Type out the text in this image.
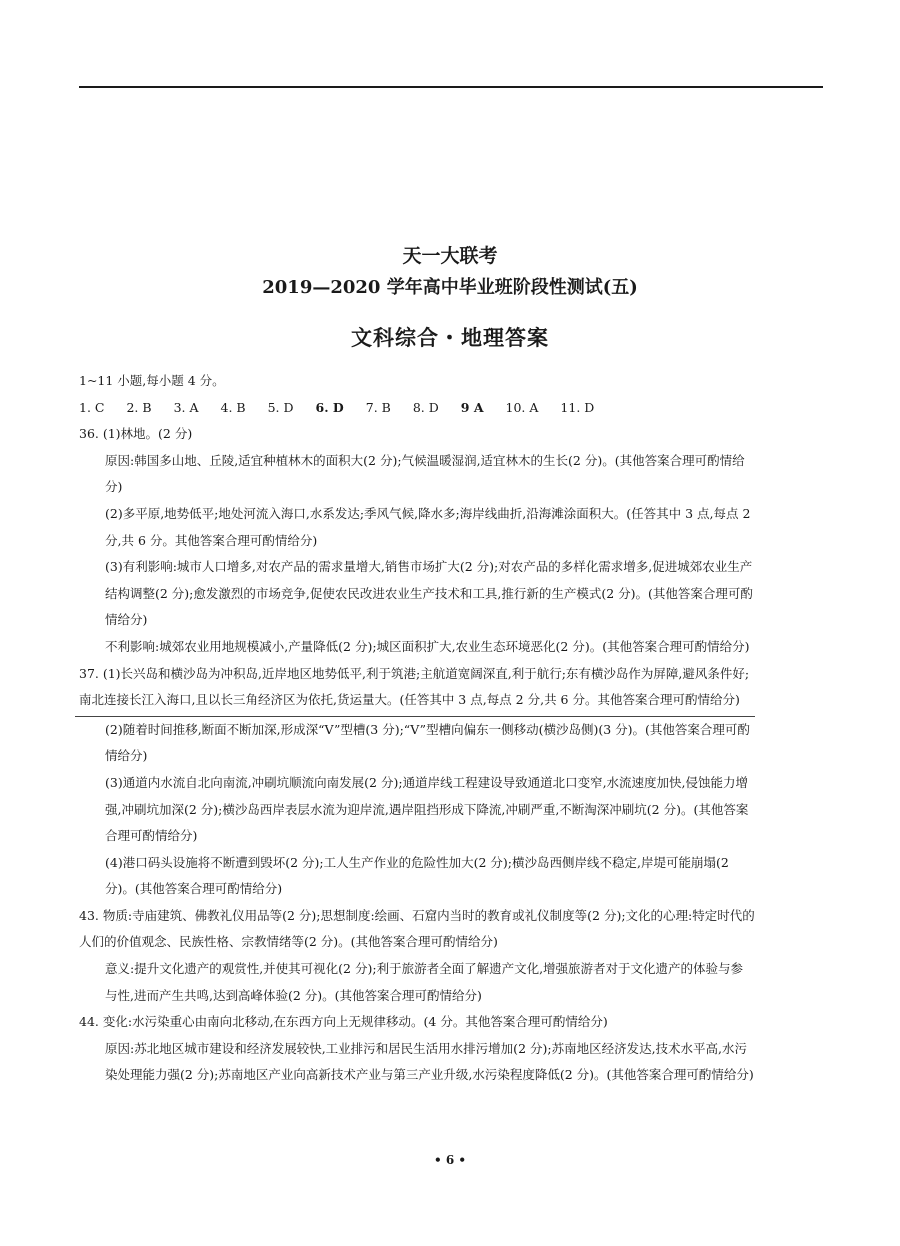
天一大联考
2019—2020 学年高中毕业班阶段性测试(五)
文科综合・地理答案

1~11 小题,每小题 4 分。

1. C 2. B 3. A 4. B 5. D 6. D 7. B 8. D 9 A 10. A 11. D

36. (1)林地。(2 分)

原因:韩国多山地、丘陵,适宜种植林木的面积大(2 分);气候温暖湿润,适宜林木的生长(2 分)。(其他答案合理可酌情给分)

(2)多平原,地势低平;地处河流入海口,水系发达;季风气候,降水多;海岸线曲折,沿海滩涂面积大。(任答其中 3 点,每点 2 分,共 6 分。其他答案合理可酌情给分)

(3)有利影响:城市人口增多,对农产品的需求量增大,销售市场扩大(2 分);对农产品的多样化需求增多,促进城郊农业生产结构调整(2 分);愈发激烈的市场竞争,促使农民改进农业生产技术和工具,推行新的生产模式(2 分)。(其他答案合理可酌情给分)

不利影响:城郊农业用地规模减小,产量降低(2 分);城区面积扩大,农业生态环境恶化(2 分)。(其他答案合理可酌情给分)

37. (1)长兴岛和横沙岛为冲积岛,近岸地区地势低平,利于筑港;主航道宽阔深直,利于航行;东有横沙岛作为屏障,避风条件好;南北连接长江入海口,且以长三角经济区为依托,货运量大。(任答其中 3 点,每点 2 分,共 6 分。其他答案合理可酌情给分)

(2)随着时间推移,断面不断加深,形成深“V”型槽(3 分);“V”型槽向偏东一侧移动(横沙岛侧)(3 分)。(其他答案合理可酌情给分)

(3)通道内水流自北向南流,冲刷坑顺流向南发展(2 分);通道岸线工程建设导致通道北口变窄,水流速度加快,侵蚀能力增强,冲刷坑加深(2 分);横沙岛西岸表层水流为迎岸流,遇岸阻挡形成下降流,冲刷严重,不断淘深冲刷坑(2 分)。(其他答案合理可酌情给分)

(4)港口码头设施将不断遭到毁坏(2 分);工人生产作业的危险性加大(2 分);横沙岛西侧岸线不稳定,岸堤可能崩塌(2 分)。(其他答案合理可酌情给分)

43. 物质:寺庙建筑、佛教礼仪用品等(2 分);思想制度:绘画、石窟内当时的教育或礼仪制度等(2 分);文化的心理:特定时代的人们的价值观念、民族性格、宗教情绪等(2 分)。(其他答案合理可酌情给分)

意义:提升文化遗产的观赏性,并使其可视化(2 分);利于旅游者全面了解遗产文化,增强旅游者对于文化遗产的体验与参与性,进而产生共鸣,达到高峰体验(2 分)。(其他答案合理可酌情给分)

44. 变化:水污染重心由南向北移动,在东西方向上无规律移动。(4 分。其他答案合理可酌情给分)

原因:苏北地区城市建设和经济发展较快,工业排污和居民生活用水排污增加(2 分);苏南地区经济发达,技术水平高,水污染处理能力强(2 分);苏南地区产业向高新技术产业与第三产业升级,水污染程度降低(2 分)。(其他答案合理可酌情给分)

• 6 •
